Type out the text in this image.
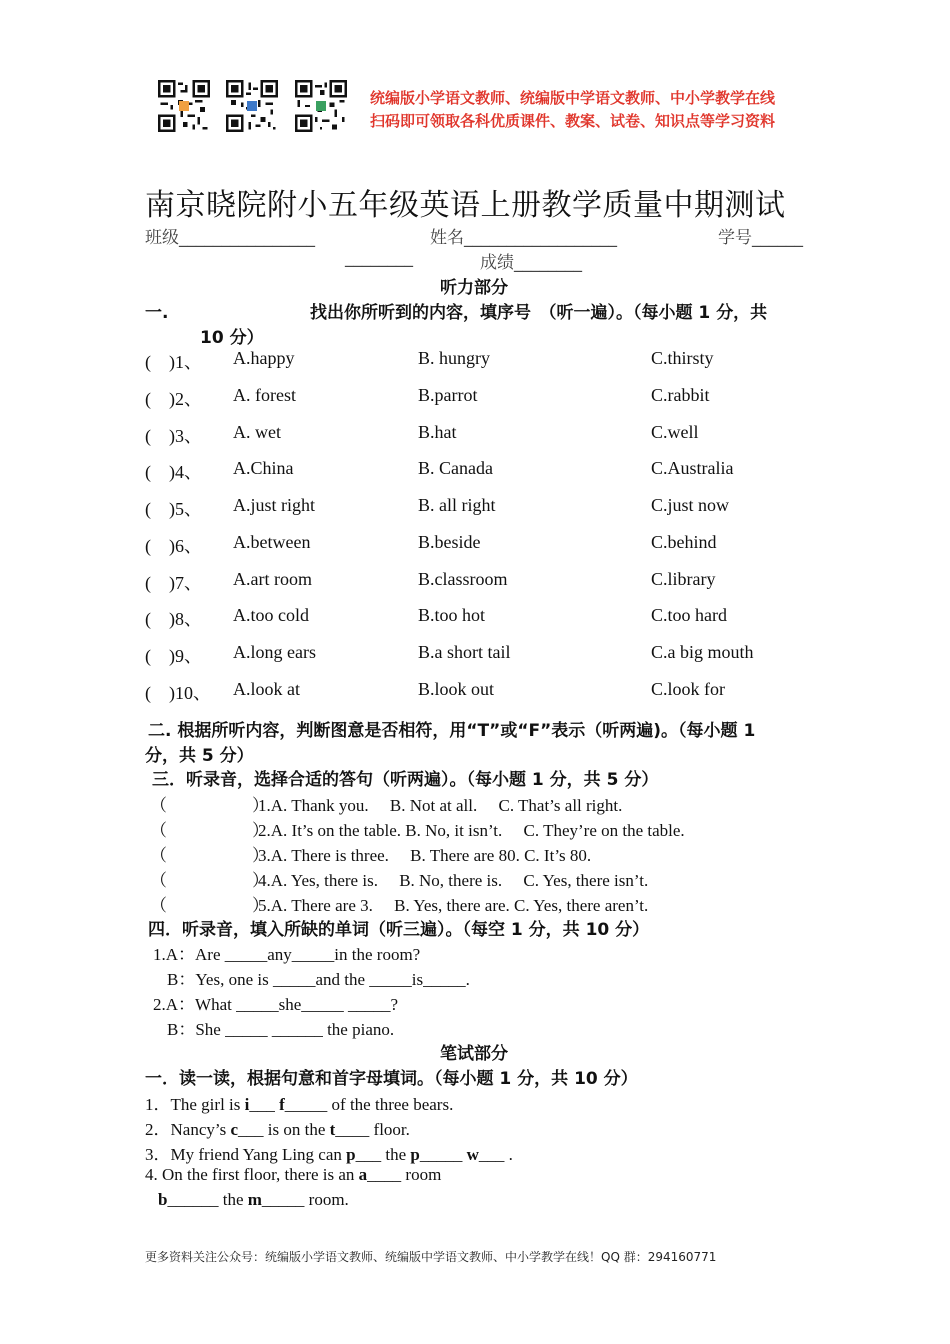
统编版小学语文教师、统编版中学语文教师、中小学教学在线
扫码即可领取各科优质课件、教案、试卷、知识点等学习资料
南京晓院附小五年级英语上册教学质量中期测试
班级________________	姓名__________________	学号______
________	成绩________
听力部分
一.	找出你所听到的内容，填序号　（听一遍）。（每小题 1 分，共
10 分）
(　)1、 A.happy	B. hungry	C.thirsty
(　)2、 A. forest	B.parrot	C.rabbit
(　)3、 A. wet	B.hat	C.well
(　)4、 A.China	B. Canada	C.Australia
(　)5、 A.just right	B. all right	C.just now
(　)6、 A.between	B.beside	C.behind
(　)7、 A.art room	B.classroom	C.library
(　)8、 A.too cold	B.too hot	C.too hard
(　)9、 A.long ears	B.a short tail	C.a big mouth
(　)10、 A.look at	B.look out	C.look for
二. 根据所听内容，判断图意是否相符，用“T”或“F”表示（听两遍)。（每小题 1
分，共 5 分）
三．听录音，选择合适的答句（听两遍）。（每小题 1 分，共 5 分）
（　　　　　）
1.A. Thank you.　 B. Not at all.　 C. That’s all right.
（　　　　　）
2.A. It’s on the table. B. No, it isn’t.　 C. They’re on the table.
（　　　　　）
3.A. There is three.　 B. There are 80. C. It’s 80.
（　　　　　）
4.A. Yes, there is.　 B. No, there is.　 C. Yes, there isn’t.
（　　　　　）
5.A. There are 3.　 B. Yes, there are. C. Yes, there aren’t.
四．听录音，填入所缺的单词（听三遍）。（每空 1 分，共 10 分）
1.A：Are _____any_____in the room?
B：Yes, one is _____and the _____is_____.
2.A：What _____she_____ _____?
B：She _____ ______ the piano.
笔试部分
一．读一读，根据句意和首字母填词。（每小题 1 分，共 10 分）
1．The girl is i___ f_____ of the three bears.
2．Nancy’s c___ is on the t____ floor.
3．My friend Yang Ling can p___ the p_____ w___ .
4. On the first floor, there is an a____ room
b______ the m_____ room.
更多资料关注公众号：统编版小学语文教师、统编版中学语文教师、中小学教学在线！QQ 群：294160771
